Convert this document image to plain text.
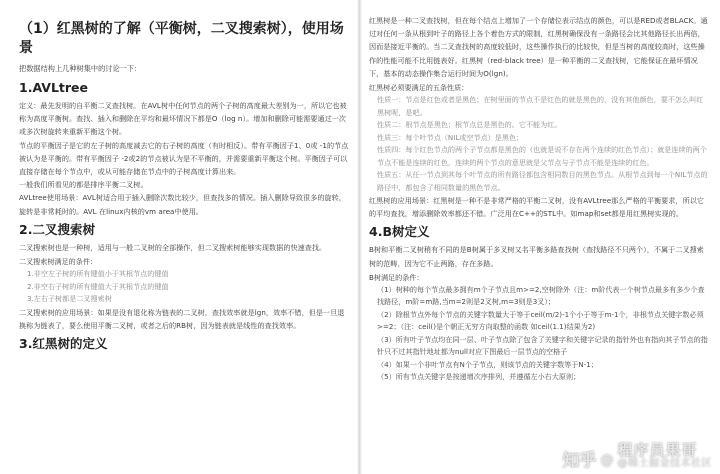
（1）红黑树的了解（平衡树，二叉搜索树），使用场景

把数据结构上几种树集中的讨论一下：

1.AVLtree

定义：最先发明的自平衡二叉查找树。在AVL树中任何节点的两个子树的高度最大差别为一，所以它也被称为高度平衡树。查找、插入和删除在平均和最坏情况下都是O（log n）。增加和删除可能需要通过一次或多次树旋转来重新平衡这个树。

节点的平衡因子是它的左子树的高度减去它的右子树的高度（有时相反）。带有平衡因子1、0或 -1的节点被认为是平衡的。带有平衡因子 -2或2的节点被认为是不平衡的，并需要重新平衡这个树。平衡因子可以直接存储在每个节点中，或从可能存储在节点中的子树高度计算出来。

一般我们所看见的都是排序平衡二叉树。

AVLtree使用场景：AVL树适合用于插入删除次数比较少，但查找多的情况。插入删除导致很多的旋转，旋转是非常耗时的。AVL 在linux内核的vm area中使用。

2.二叉搜索树

二叉搜索树也是一种树，适用与一般二叉树的全部操作，但二叉搜索树能够实现数据的快速查找。

二叉搜索树满足的条件：

1.非空左子树的所有键值小于其根节点的键值

2.非空右子树的所有键值大于其根节点的键值

3.左右子树都是二叉搜索树

二叉搜索树的应用场景：如果是没有退化称为链表的二叉树，查找效率就是lgn，效率不错，但是一旦退换称为链表了，要么使用平衡二叉树，或者之后的RB树，因为链表就是线性的查找效率。

3.红黑树的定义

红黑树是一种二叉查找树，但在每个结点上增加了一个存储位表示结点的颜色，可以是RED或者BLACK。通过对任何一条从根到叶子的路径上各个着色方式的限制，红黑树确保没有一条路径会比其他路径长出两倍，因而是接近平衡的。当二叉查找树的高度较低时，这些操作执行的比较快，但是当树的高度较高时，这些操作的性能可能不比用链表好。红黑树（red-black tree）是一种平衡的二叉查找树，它能保证在最坏情况下，基本的动态操作集合运行时间为O(lgn)。

红黑树必须要满足的五条性质：

性质一：节点是红色或者是黑色；在树里面的节点不是红色的就是黑色的，没有其他颜色，要不怎么叫红黑树呢，是吧。

性质二：根节点是黑色；根节点总是黑色的。它不能为红。

性质三：每个叶节点（NIL或空节点）是黑色；

性质四：每个红色节点的两个子节点都是黑色的（也就是说不存在两个连续的红色节点）；就是连续的两个节点不能是连续的红色，连续的两个节点的意思就是父节点与子节点不能是连续的红色。

性质五：从任一节点到其每个叶节点的所有路径都包含相同数目的黑色节点。从根节点到每一个NIL节点的路径中，都包含了相同数量的黑色节点。

红黑树的应用场景：红黑树是一种不是非常严格的平衡二叉树，没有AVLtree那么严格的平衡要求，所以它的平均查找，增添删除效率都还不错。广泛用在C++的STL中。如map和set都是用红黑树实现的。

4.B树定义

B树和平衡二叉树稍有不同的是B树属于多叉树又名平衡多路查找树（查找路径不只两个），不属于二叉搜索树的范畴，因为它不止两路，存在多路。

B树满足的条件：

（1）树种的每个节点最多拥有m个子节点且m>=2,空树除外（注：m阶代表一个树节点最多有多少个查找路径，m阶=m路,当m=2则是2叉树,m=3则是3叉）；

（2）除根节点外每个节点的关键字数量大于等于ceil(m/2)-1个小于等于m-1个，非根节点关键字数必须>=2；（注：ceil()是个朝正无穷方向取整的函数 如ceil(1.1)结果为2)

（3）所有叶子节点均在同一层、叶子节点除了包含了关键字和关键字记录的指针外也有指向其子节点的指针只不过其指针地址都为null对应下图最后一层节点的空格子

（4）如果一个非叶节点有N个子节点，则该节点的关键字数等于N-1；

（5）所有节点关键字是按递增次序排列，并遵循左小右大原则；

知乎 @
程序员果哥
@稀土掘金技术社区
